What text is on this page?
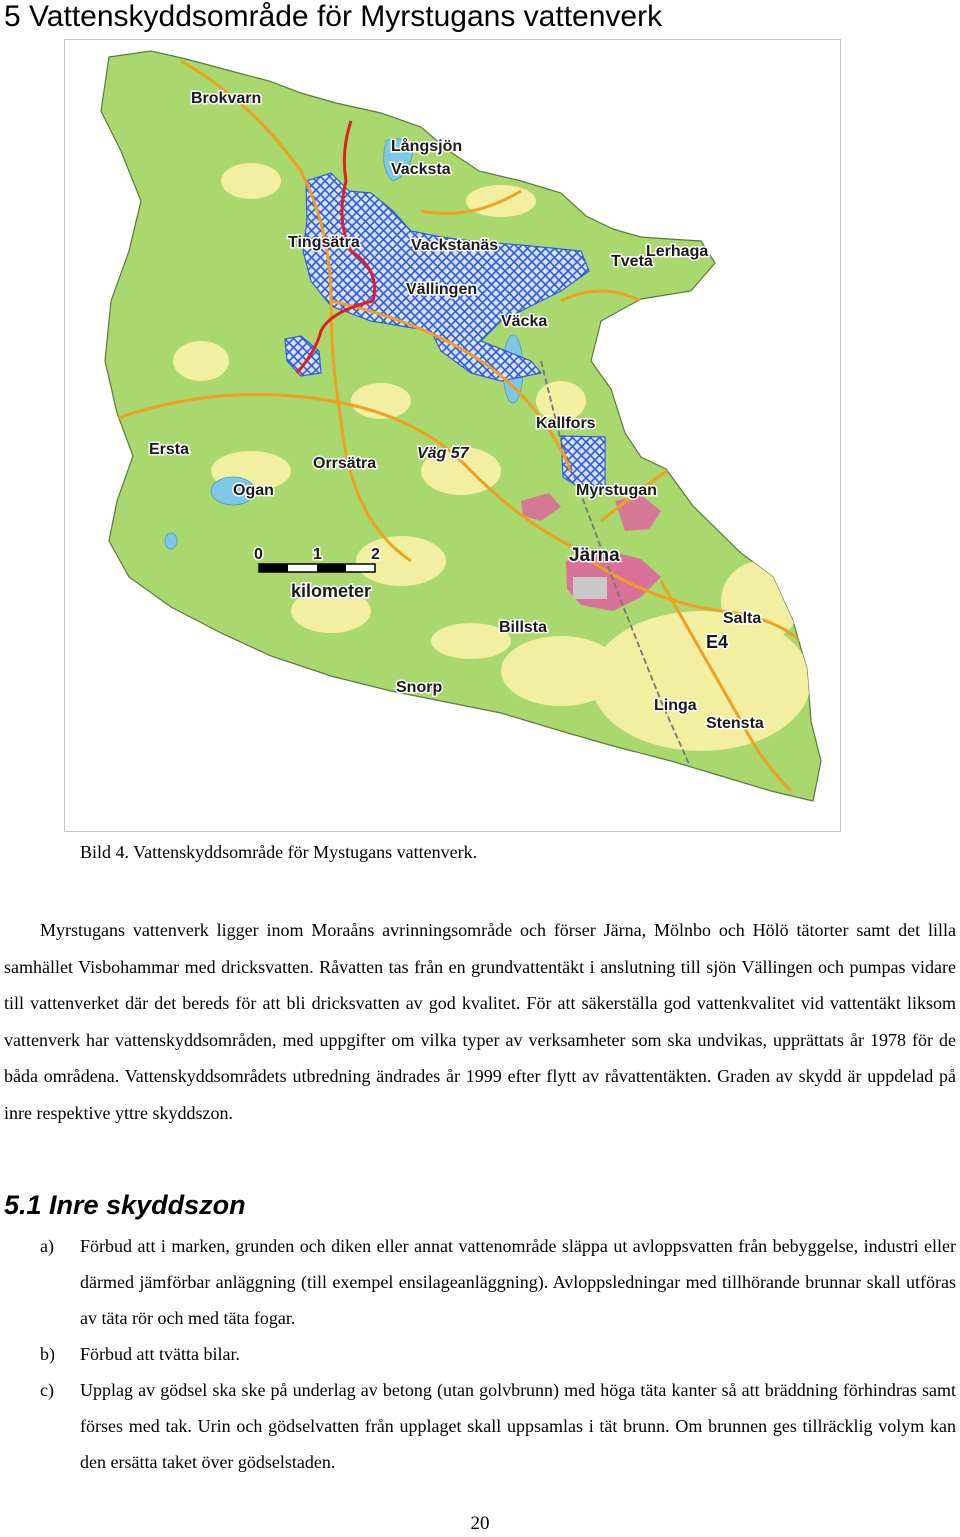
5 Vattenskyddsområde för Myrstugans vattenverk
0	1	2
kilometer
Brokvarn
Långsjön
Vacksta
Tingsätra	Vackstanäs	Lerhaga
Tveta
Vällingen
Väcka
Kallfors
Ersta
Orrsätra
Väg 57
Ogan	Myrstugan
Järna
Billsta
Salta
E4
Snorp
Linga
Stensta
Bild 4. Vattenskyddsområde för Mystugans vattenverk.
Myrstugans vattenverk ligger inom Moraåns avrinningsområde och förser Järna, Mölnbo och Hölö tätorter samt det lilla samhället Visbohammar med dricksvatten. Råvatten tas från en grundvattentäkt i anslutning till sjön Vällingen och pumpas vidare till vattenverket där det bereds för att bli dricksvatten av god kvalitet. För att säkerställa god vattenkvalitet vid vattentäkt liksom vattenverk har vattenskyddsområden, med uppgifter om vilka typer av verksamheter som ska undvikas, upprättats år 1978 för de båda områdena. Vattenskyddsområdets utbredning ändrades år 1999 efter flytt av råvattentäkten. Graden av skydd är uppdelad på inre respektive yttre skyddszon.
5.1 Inre skyddszon
a) Förbud att i marken, grunden och diken eller annat vattenområde släppa ut avloppsvatten från bebyggelse, industri eller därmed jämförbar anläggning (till exempel ensilageanläggning). Avloppsledningar med tillhörande brunnar skall utföras av täta rör och med täta fogar.
b) Förbud att tvätta bilar.
c) Upplag av gödsel ska ske på underlag av betong (utan golvbrunn) med höga täta kanter så att bräddning förhindras samt förses med tak. Urin och gödselvatten från upplaget skall uppsamlas i tät brunn. Om brunnen ges tillräcklig volym kan den ersätta taket över gödselstaden.
20
